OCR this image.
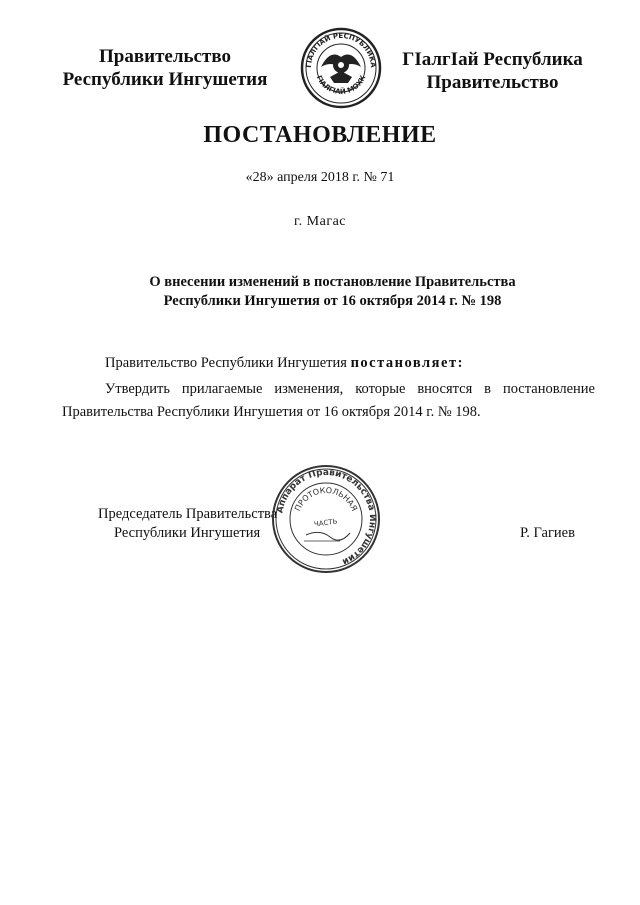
Правительство
Республики Ингушетия
ГIАЛГIАЙ РЕСПУБЛИКА
ГIАЛГIАЙ МОХК
ГIалгIай Республика
Правительство
ПОСТАНОВЛЕНИЕ
«28» апреля 2018 г. № 71
г. Магас
О внесении изменений в постановление Правительства
Республики Ингушетия от 16 октября 2014 г. № 198
Правительство Республики Ингушетия постановляет:
Утвердить прилагаемые изменения, которые вносятся в постановление
Правительства Республики Ингушетия от 16 октября 2014 г. № 198.
Председатель Правительства
Республики Ингушетия	Р. Гагиев
Аппарат Правительства Ингушетии
ПРОТОКОЛЬНАЯ
ЧАСТЬ
